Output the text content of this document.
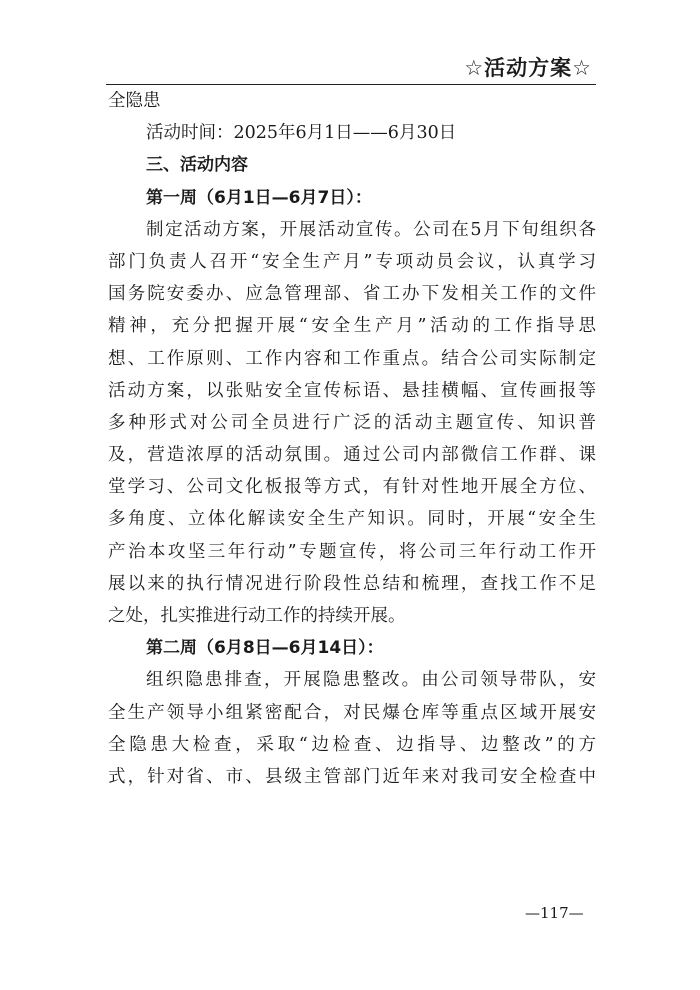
☆活动方案☆
全隐患
活动时间：2025年6月1日——6月30日
三、活动内容
第一周（6月1日—6月7日）：
制定活动方案，开展活动宣传。公司在5月下旬组织各
部门负责人召开“安全生产月”专项动员会议，认真学习
国务院安委办、应急管理部、省工办下发相关工作的文件
精神，充分把握开展“安全生产月”活动的工作指导思
想、工作原则、工作内容和工作重点。结合公司实际制定
活动方案，以张贴安全宣传标语、悬挂横幅、宣传画报等
多种形式对公司全员进行广泛的活动主题宣传、知识普
及，营造浓厚的活动氛围。通过公司内部微信工作群、课
堂学习、公司文化板报等方式，有针对性地开展全方位、
多角度、立体化解读安全生产知识。同时，开展“安全生
产治本攻坚三年行动”专题宣传，将公司三年行动工作开
展以来的执行情况进行阶段性总结和梳理，查找工作不足
之处，扎实推进行动工作的持续开展。
第二周（6月8日—6月14日）：
组织隐患排查，开展隐患整改。由公司领导带队，安
全生产领导小组紧密配合，对民爆仓库等重点区域开展安
全隐患大检查，采取“边检查、边指导、边整改”的方
式，针对省、市、县级主管部门近年来对我司安全检查中
—117—
